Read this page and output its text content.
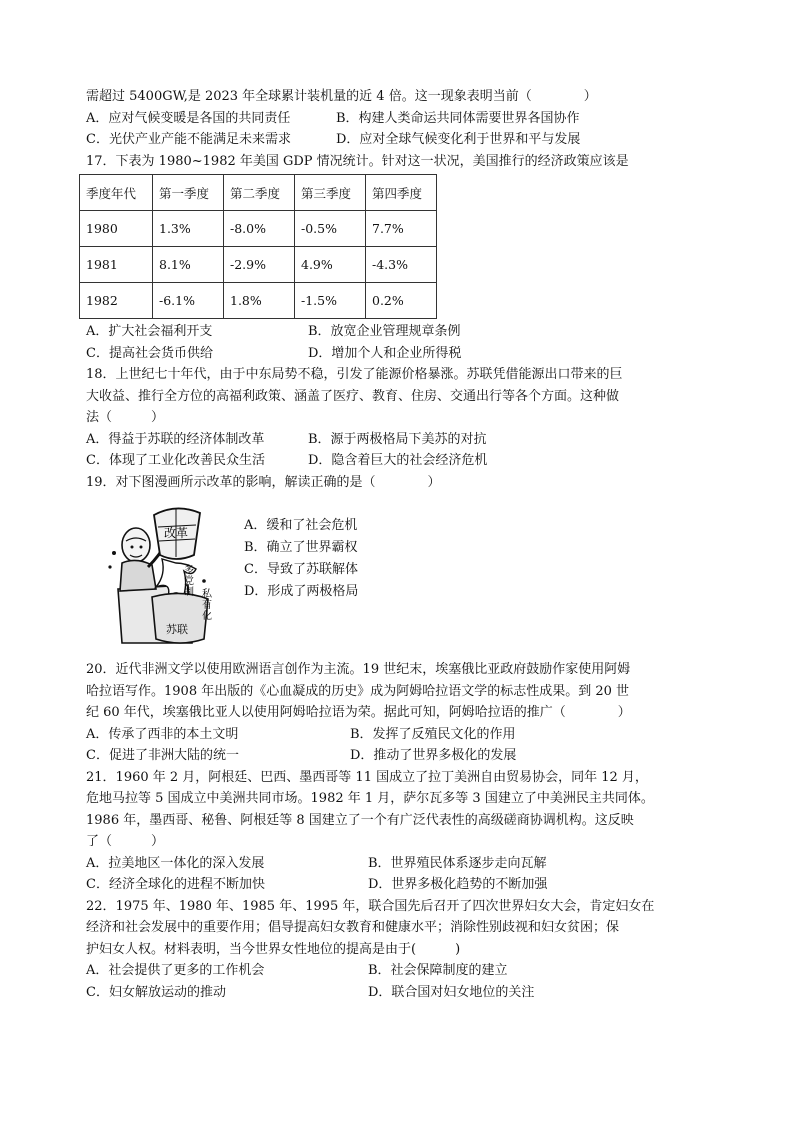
需超过 5400GW,是 2023 年全球累计装机量的近 4 倍。这一现象表明当前（　　　　）
A．应对气候变暖是各国的共同责任	B．构建人类命运共同体需要世界各国协作
C．光伏产业产能不能满足未来需求	D．应对全球气候变化利于世界和平与发展
17．下表为 1980~1982 年美国 GDP 情况统计。针对这一状况，美国推行的经济政策应该是
季度年代	第一季度	第二季度	第三季度	第四季度
1980	1.3%	-8.0%	-0.5%	7.7%
1981	8.1%	-2.9%	4.9%	-4.3%
1982	-6.1%	1.8%	-1.5%	0.2%
A．扩大社会福利开支	B．放宽企业管理规章条例
C．提高社会货币供给	D．增加个人和企业所得税
18．上世纪七十年代，由于中东局势不稳，引发了能源价格暴涨。苏联凭借能源出口带来的巨
大收益、推行全方位的高福利政策、涵盖了医疗、教育、住房、交通出行等各个方面。这种做
法（　　　）
A．得益于苏联的经济体制改革	B．源于两极格局下美苏的对抗
C．体现了工业化改善民众生活	D．隐含着巨大的社会经济危机
19．对下图漫画所示改革的影响，解读正确的是（　　　　）
改革
多党制 私有化
苏联
A．缓和了社会危机
B．确立了世界霸权
C．导致了苏联解体
D．形成了两极格局
20．近代非洲文学以使用欧洲语言创作为主流。19 世纪末，埃塞俄比亚政府鼓励作家使用阿姆
哈拉语写作。1908 年出版的《心血凝成的历史》成为阿姆哈拉语文学的标志性成果。到 20 世
纪 60 年代，埃塞俄比亚人以使用阿姆哈拉语为荣。据此可知，阿姆哈拉语的推广（　　　　）
A．传承了西非的本土文明	B．发挥了反殖民文化的作用
C．促进了非洲大陆的统一	D．推动了世界多极化的发展
21．1960 年 2 月，阿根廷、巴西、墨西哥等 11 国成立了拉丁美洲自由贸易协会，同年 12 月，
危地马拉等 5 国成立中美洲共同市场。1982 年 1 月，萨尔瓦多等 3 国建立了中美洲民主共同体。
1986 年，墨西哥、秘鲁、阿根廷等 8 国建立了一个有广泛代表性的高级磋商协调机构。这反映
了（　　　）
A．拉美地区一体化的深入发展	B．世界殖民体系逐步走向瓦解
C．经济全球化的进程不断加快	D．世界多极化趋势的不断加强
22．1975 年、1980 年、1985 年、1995 年，联合国先后召开了四次世界妇女大会，肯定妇女在
经济和社会发展中的重要作用；倡导提高妇女教育和健康水平；消除性别歧视和妇女贫困；保
护妇女人权。材料表明，当今世界女性地位的提高是由于(　　　)
A．社会提供了更多的工作机会	B．社会保障制度的建立
C．妇女解放运动的推动	D．联合国对妇女地位的关注
